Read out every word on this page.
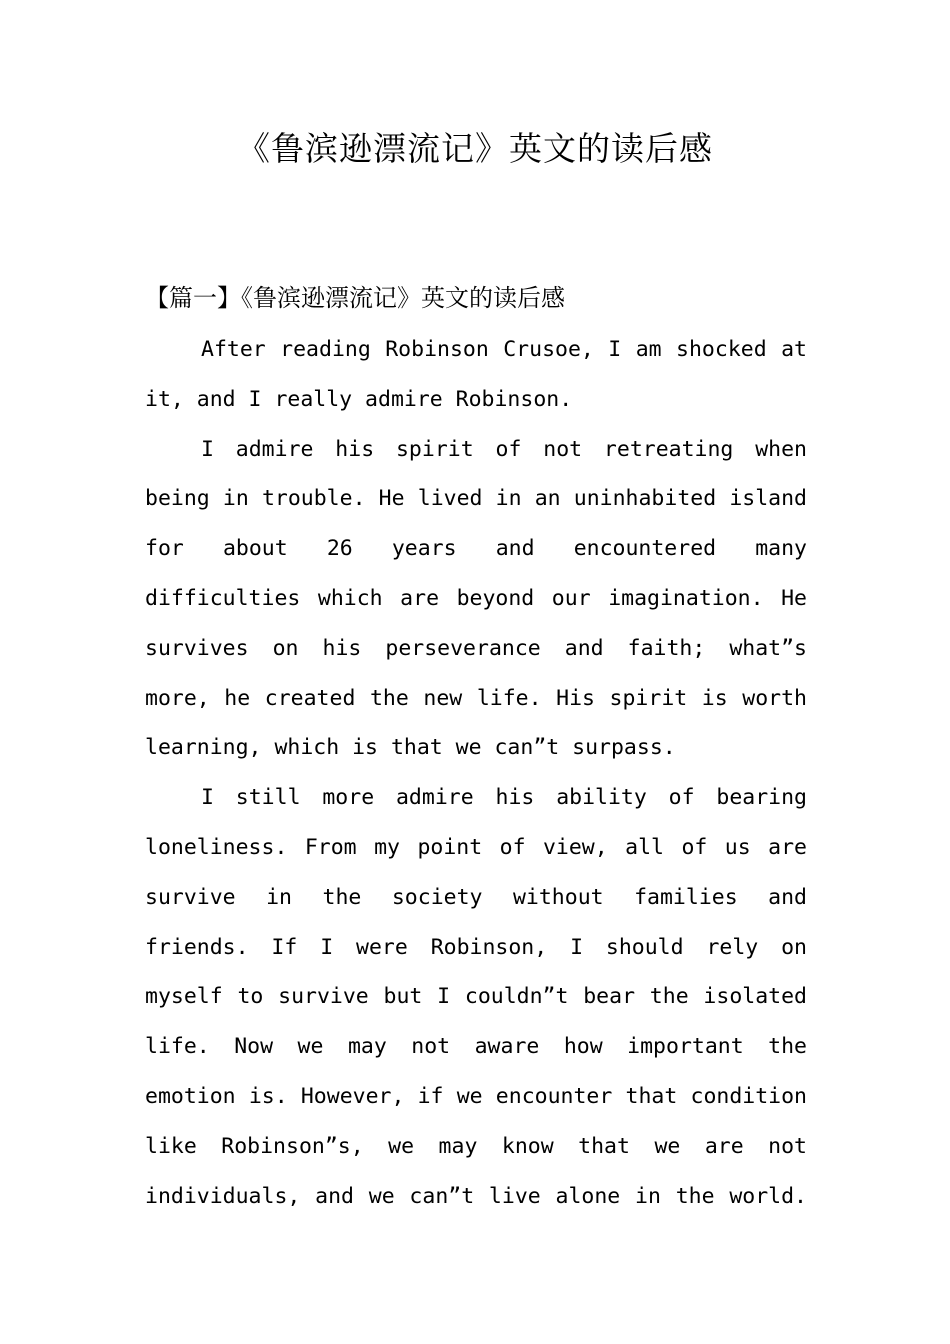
《鲁滨逊漂流记》英文的读后感
【篇一】《鲁滨逊漂流记》英文的读后感
After reading Robinson Crusoe, I am shocked at
it, and I really admire Robinson.
I admire his spirit of not retreating when
being in trouble. He lived in an uninhabited island
for about 26 years and encountered many
difficulties which are beyond our imagination. He
survives on his perseverance and faith; what”s
more, he created the new life. His spirit is worth
learning, which is that we can”t surpass.
I still more admire his ability of bearing
loneliness. From my point of view, all of us are
survive in the society without families and
friends. If I were Robinson, I should rely on
myself to survive but I couldn”t bear the isolated
life. Now we may not aware how important the
emotion is. However, if we encounter that condition
like Robinson”s, we may know that we are not
individuals, and we can”t live alone in the world.
